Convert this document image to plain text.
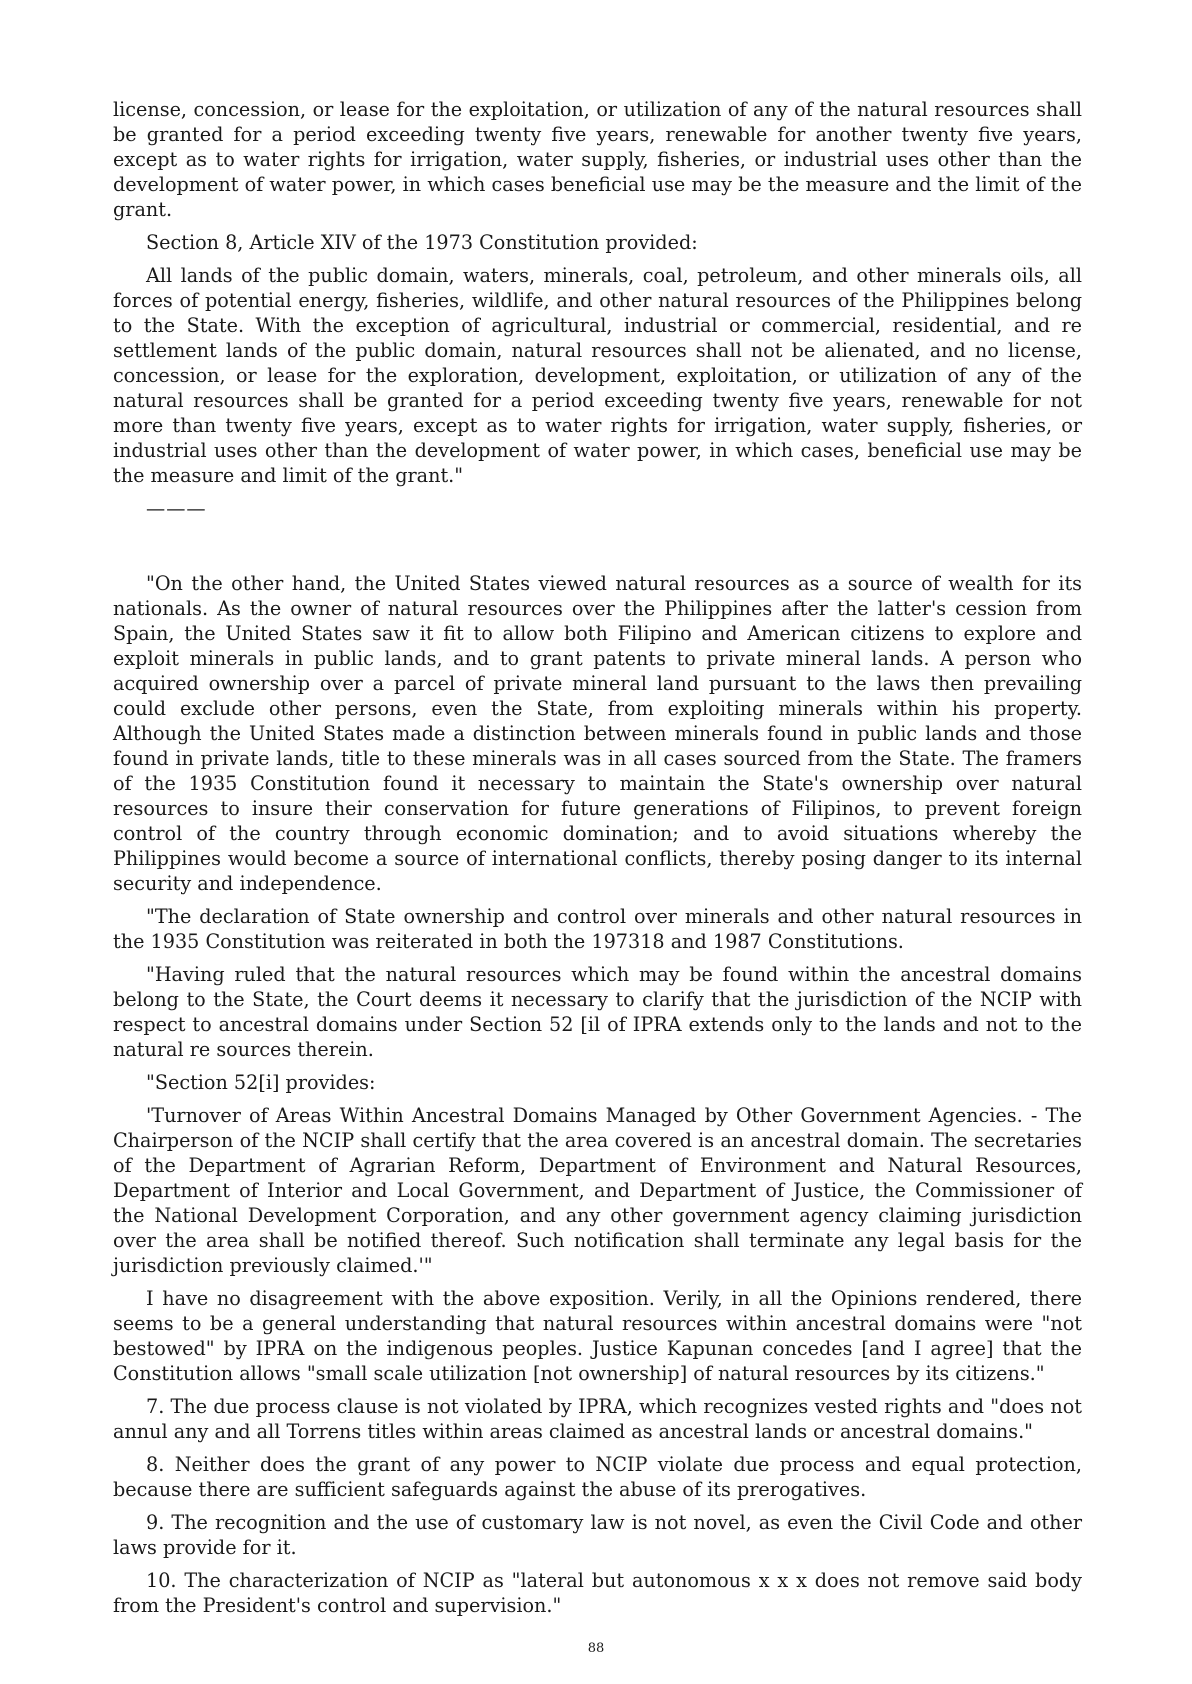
license, concession, or lease for the exploitation, or utilization of any of the natural resources shall be granted for a period exceeding twenty five years, renewable for another twenty five years, except as to water rights for irrigation, water supply, fisheries, or industrial uses other than the development of water power, in which cases beneficial use may be the measure and the limit of the grant.

Section 8, Article XIV of the 1973 Constitution provided:

All lands of the public domain, waters, minerals, coal, petroleum, and other minerals oils, all forces of potential energy, fisheries, wildlife, and other natural resources of the Philippines belong to the State. With the exception of agricultural, industrial or commercial, residential, and re settlement lands of the public domain, natural resources shall not be alienated, and no license, concession, or lease for the exploration, development, exploitation, or utilization of any of the natural resources shall be granted for a period exceeding twenty five years, renewable for not more than twenty five years, except as to water rights for irrigation, water supply, fisheries, or industrial uses other than the development of water power, in which cases, beneficial use may be the measure and limit of the grant."

———

"On the other hand, the United States viewed natural resources as a source of wealth for its nationals. As the owner of natural resources over the Philippines after the latter's cession from Spain, the United States saw it fit to allow both Filipino and American citizens to explore and exploit minerals in public lands, and to grant patents to private mineral lands. A person who acquired ownership over a parcel of private mineral land pursuant to the laws then prevailing could exclude other persons, even the State, from exploiting minerals within his property. Although the United States made a distinction between minerals found in public lands and those found in private lands, title to these minerals was in all cases sourced from the State. The framers of the 1935 Constitution found it necessary to maintain the State's ownership over natural resources to insure their conservation for future generations of Filipinos, to prevent foreign control of the country through economic domination; and to avoid situations whereby the Philippines would become a source of international conflicts, thereby posing danger to its internal security and independence.

"The declaration of State ownership and control over minerals and other natural resources in the 1935 Constitution was reiterated in both the 197318 and 1987 Constitutions.

"Having ruled that the natural resources which may be found within the ancestral domains belong to the State, the Court deems it necessary to clarify that the jurisdiction of the NCIP with respect to ancestral domains under Section 52 [il of IPRA extends only to the lands and not to the natural re sources therein.

"Section 52[i] provides:

'Turnover of Areas Within Ancestral Domains Managed by Other Government Agencies. - The Chairperson of the NCIP shall certify that the area covered is an ancestral domain. The secretaries of the Department of Agrarian Reform, Department of Environment and Natural Resources, Department of Interior and Local Government, and Department of Justice, the Commissioner of the National Development Corporation, and any other government agency claiming jurisdiction over the area shall be notified thereof. Such notification shall terminate any legal basis for the jurisdiction previously claimed.'"

I have no disagreement with the above exposition. Verily, in all the Opinions rendered, there seems to be a general understanding that natural resources within ancestral domains were "not bestowed" by IPRA on the indigenous peoples. Justice Kapunan concedes [and I agree] that the Constitution allows "small scale utilization [not ownership] of natural resources by its citizens."

7. The due process clause is not violated by IPRA, which recognizes vested rights and "does not annul any and all Torrens titles within areas claimed as ancestral lands or ancestral domains."

8. Neither does the grant of any power to NCIP violate due process and equal protection, because there are sufficient safeguards against the abuse of its prerogatives.

9. The recognition and the use of customary law is not novel, as even the Civil Code and other laws provide for it.

10. The characterization of NCIP as "lateral but autonomous x x x does not remove said body from the President's control and supervision."

88
